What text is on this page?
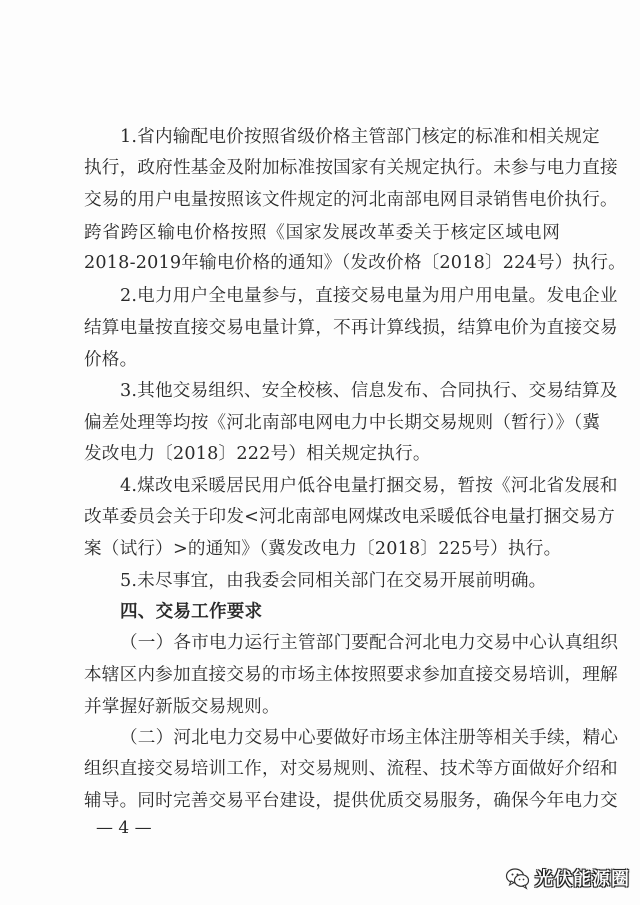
1.省内输配电价按照省级价格主管部门核定的标准和相关规定
执行，政府性基金及附加标准按国家有关规定执行。未参与电力直接
交易的用户电量按照该文件规定的河北南部电网目录销售电价执行。
跨省跨区输电价格按照《国家发展改革委关于核定区域电网
2018-2019年输电价格的通知》（发改价格〔2018〕224号）执行。
2.电力用户全电量参与，直接交易电量为用户用电量。发电企业
结算电量按直接交易电量计算，不再计算线损，结算电价为直接交易
价格。
3.其他交易组织、安全校核、信息发布、合同执行、交易结算及
偏差处理等均按《河北南部电网电力中长期交易规则（暂行）》（冀
发改电力〔2018〕222号）相关规定执行。
4.煤改电采暖居民用户低谷电量打捆交易，暂按《河北省发展和
改革委员会关于印发<河北南部电网煤改电采暖低谷电量打捆交易方
案（试行）>的通知》（冀发改电力〔2018〕225号）执行。
5.未尽事宜，由我委会同相关部门在交易开展前明确。
四、交易工作要求
（一）各市电力运行主管部门要配合河北电力交易中心认真组织
本辖区内参加直接交易的市场主体按照要求参加直接交易培训，理解
并掌握好新版交易规则。
（二）河北电力交易中心要做好市场主体注册等相关手续，精心
组织直接交易培训工作，对交易规则、流程、技术等方面做好介绍和
辅导。同时完善交易平台建设，提供优质交易服务，确保今年电力交
— 4 —
光伏能源圈
